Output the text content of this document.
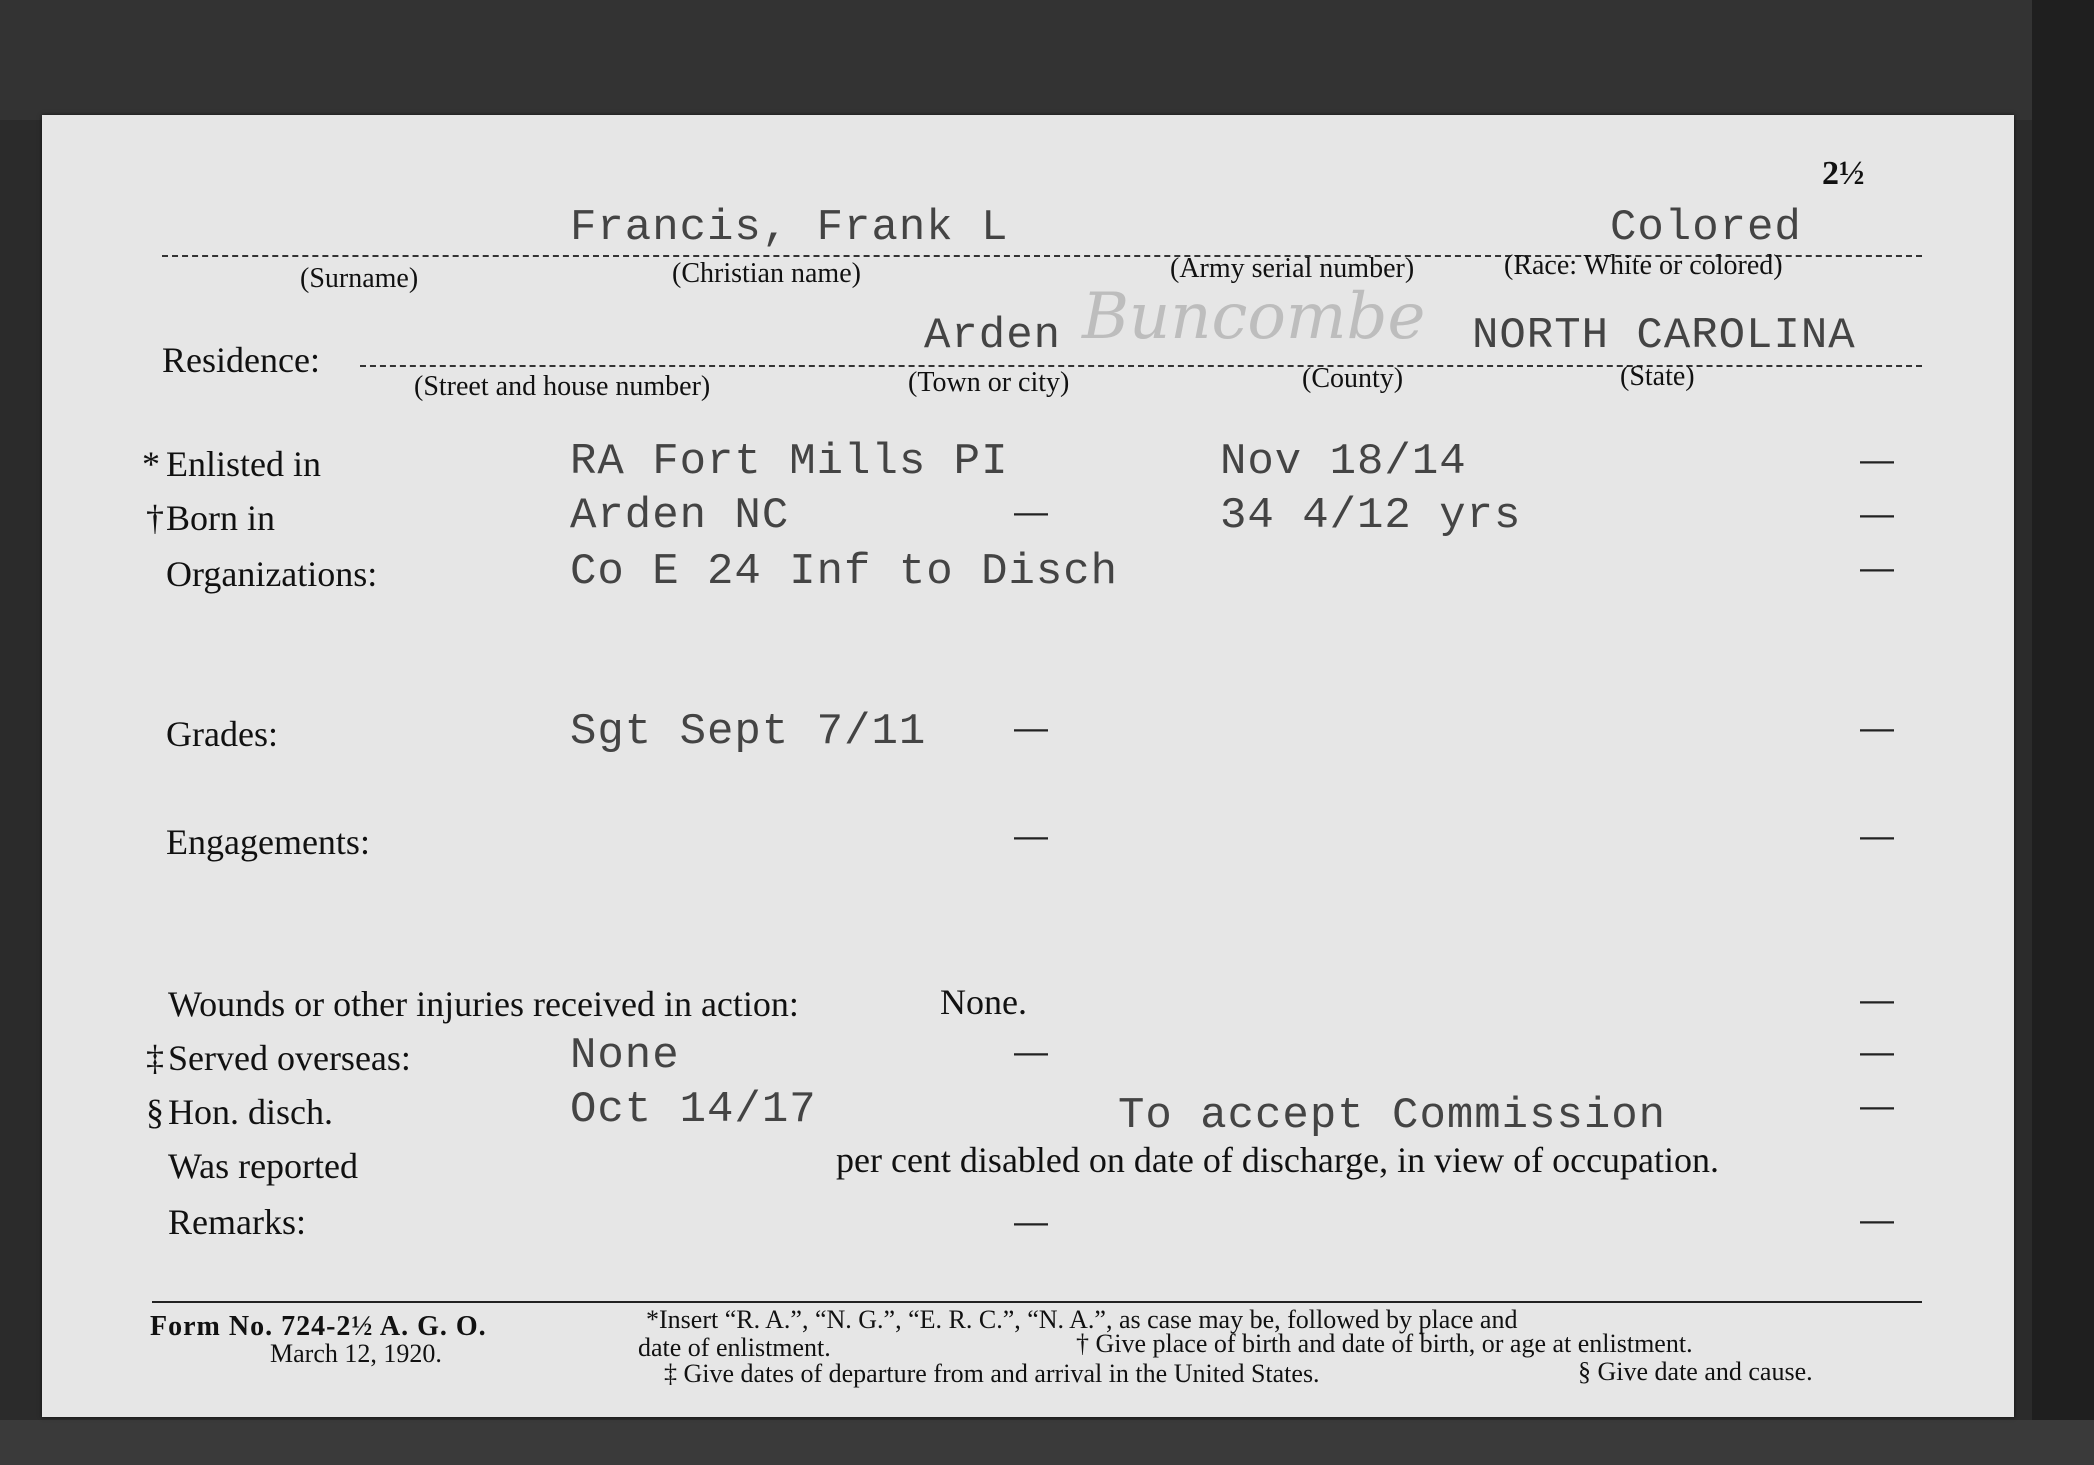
2½
Francis, Frank L	Colored
(Surname)	(Christian name)	(Army serial number)	(Race: White or colored)
Residence:	Arden Buncombe NORTH CAROLINA
(Street and house number)	(Town or city)	(County)	(State)
* Enlisted in	RA Fort Mills PI	Nov 18/14	—
† Born in	Arden NC	—	34 4/12 yrs	—
Organizations:	Co E 24 Inf to Disch	—
Grades:	Sgt Sept 7/11	—	—
Engagements:	—	—
Wounds or other injuries received in action:	None.	—
‡ Served overseas:	None	—	—
§ Hon. disch.	Oct 14/17	To accept Commission	—
Was reported	per cent disabled on date of discharge, in view of occupation.
Remarks:	—	—
Form No. 724-2½ A. G. O.
March 12, 1920.
*Insert “R. A.”, “N. G.”, “E. R. C.”, “N. A.”, as case may be, followed by place and
date of enlistment.	† Give place of birth and date of birth, or age at enlistment.
‡ Give dates of departure from and arrival in the United States.	§ Give date and cause.
